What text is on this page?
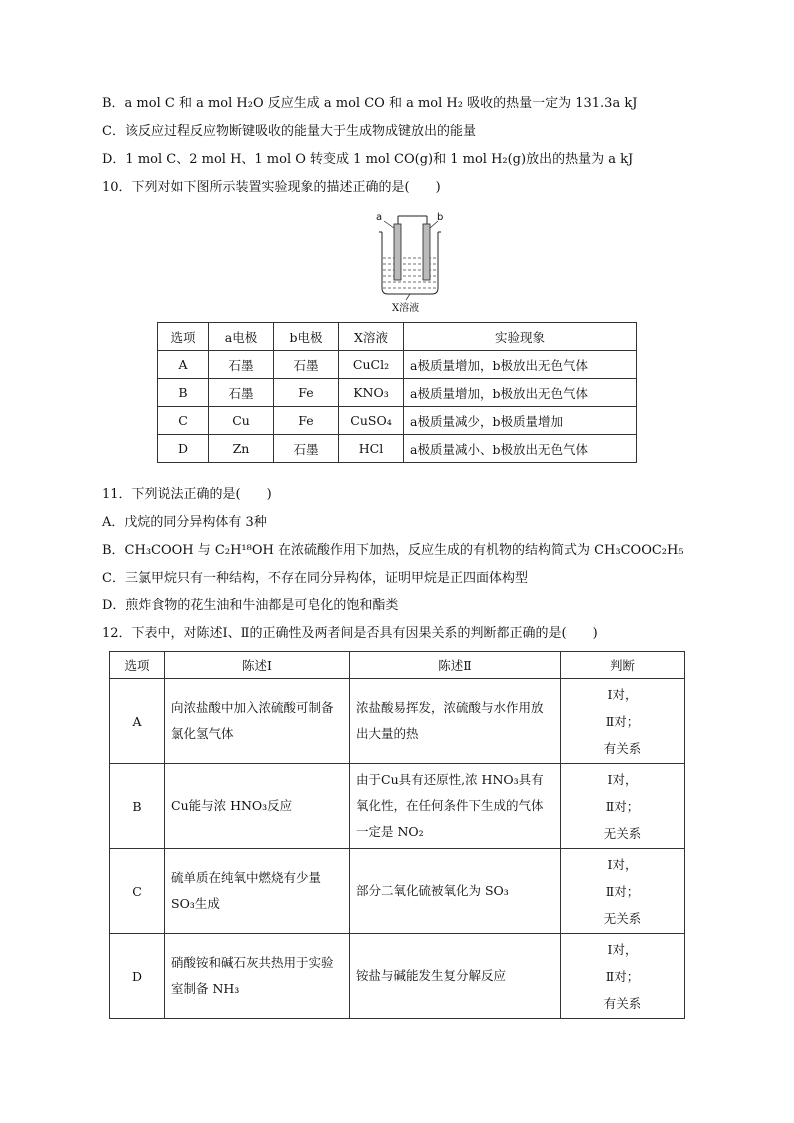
B．a mol C 和 a mol H₂O 反应生成 a mol CO 和 a mol H₂ 吸收的热量一定为 131.3a kJ
C．该反应过程反应物断键吸收的能量大于生成物成键放出的能量
D．1 mol C、2 mol H、1 mol O 转变成 1 mol CO(g)和 1 mol H₂(g)放出的热量为 a kJ
10．下列对如下图所示装置实验现象的描述正确的是(　　)
a	b
X溶液
选项	a电极	b电极	X溶液	实验现象
A	石墨	石墨	CuCl₂	a极质量增加，b极放出无色气体
B	石墨	Fe	KNO₃	a极质量增加，b极放出无色气体
C	Cu	Fe	CuSO₄	a极质量减少，b极质量增加
D	Zn	石墨	HCl	a极质量减小、b极放出无色气体
11．下列说法正确的是(　　)
A．戊烷的同分异构体有 3种
B．CH₃COOH 与 C₂H¹⁸OH 在浓硫酸作用下加热，反应生成的有机物的结构简式为 CH₃COOC₂H₅
C．三氯甲烷只有一种结构，不存在同分异构体，证明甲烷是正四面体构型
D．煎炸食物的花生油和牛油都是可皂化的饱和酯类
12．下表中，对陈述Ⅰ、Ⅱ的正确性及两者间是否具有因果关系的判断都正确的是(　　)
选项	陈述Ⅰ	陈述Ⅱ	判断
A	向浓盐酸中加入浓硫酸可制备氯化氢气体	浓盐酸易挥发，浓硫酸与水作用放出大量的热	Ⅰ对，
Ⅱ对；
有关系

B	Cu能与浓 HNO₃反应	由于Cu具有还原性,浓 HNO₃具有氧化性，在任何条件下生成的气体一定是 NO₂	Ⅰ对，
Ⅱ对；
无关系

C	硫单质在纯氧中燃烧有少量 SO₃生成	部分二氧化硫被氧化为 SO₃	Ⅰ对，
Ⅱ对；
无关系

D	硝酸铵和碱石灰共热用于实验室制备 NH₃	铵盐与碱能发生复分解反应	Ⅰ对，
Ⅱ对；
有关系
